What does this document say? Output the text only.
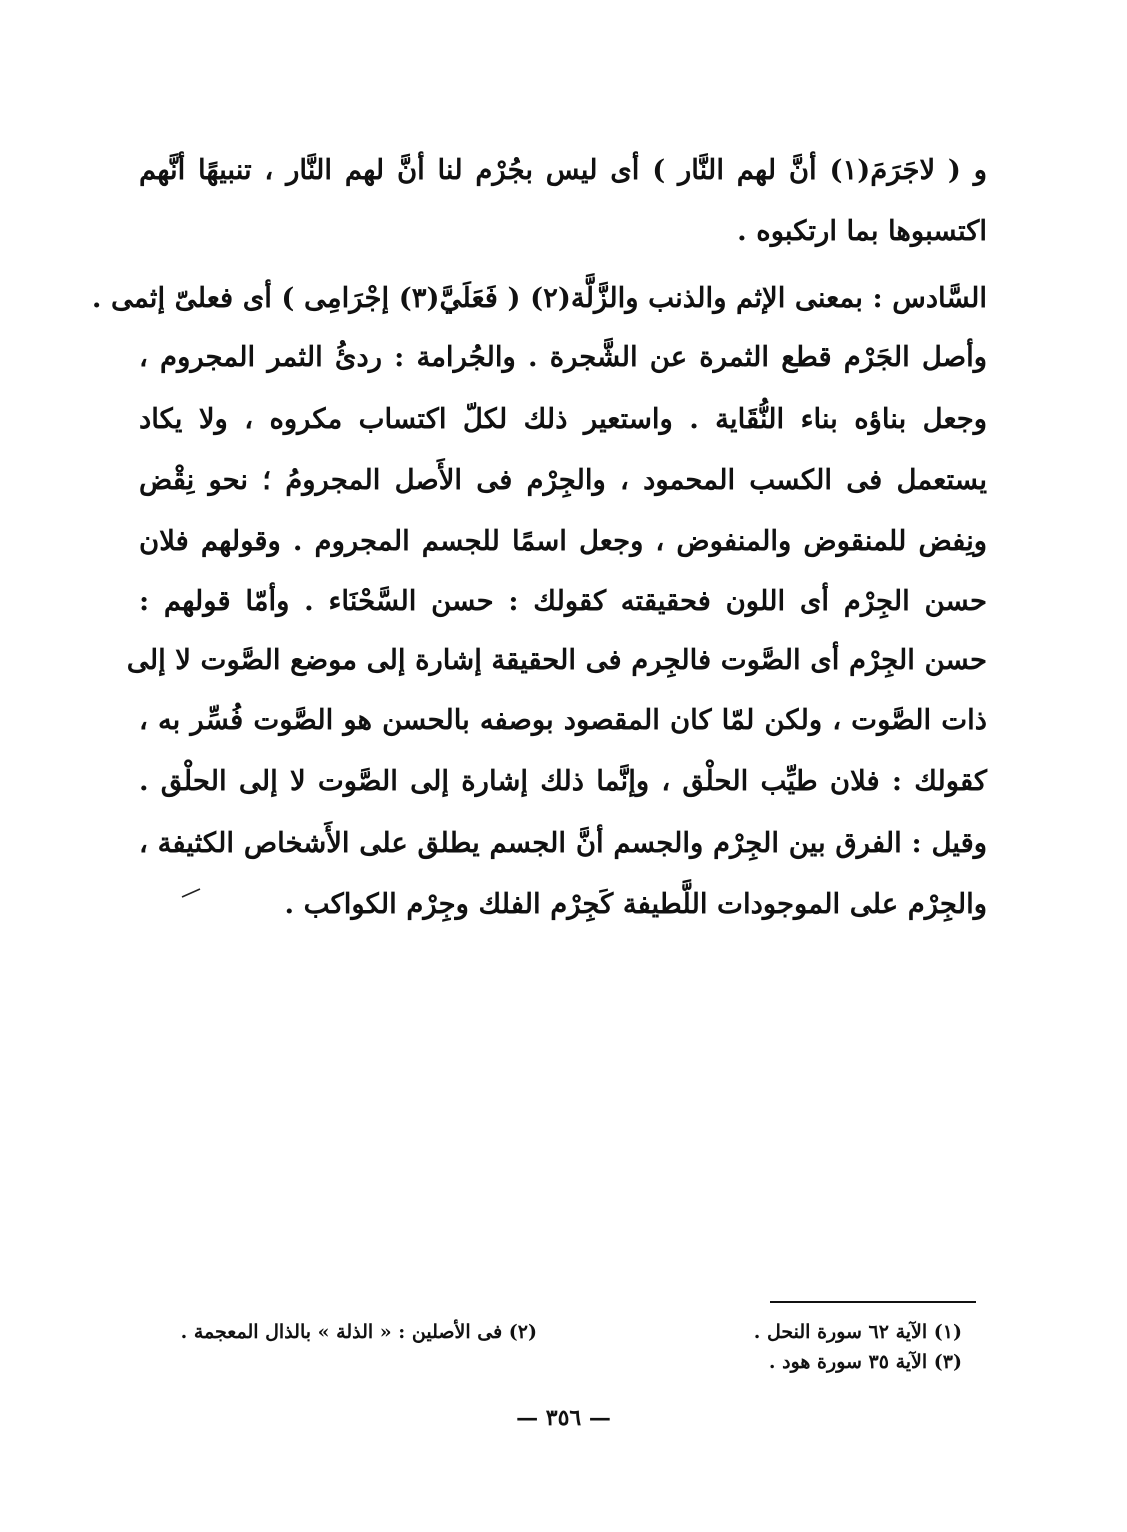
و ( لاجَرَمَ(١) أنَّ لهم النَّار ) أى ليس بجُرْم لنا أنَّ لهم النَّار ، تنبيهًا أنَّهم
اكتسبوها بما ارتكبوه .
السَّادس : بمعنى الإثم والذنب والزَّلَّة(٢) ( فَعَلَيَّ(٣) إجْرَامِى ) أى فعلىّ إثمى .
وأصل الجَرْم قطع الثمرة عن الشَّجرة . والجُرامة : ردئُ الثمر المجروم ،
وجعل بناؤه بناء النُّقَاية . واستعير ذلك لكلّ اكتساب مكروه ، ولا يكاد
يستعمل فى الكسب المحمود ، والجِرْم فى الأَصل المجرومُ ؛ نحو نِقْض
ونِفض للمنقوض والمنفوض ، وجعل اسمًا للجسم المجروم . وقولهم فلان
حسن الجِرْم أى اللون فحقيقته كقولك : حسن السَّحْنَاء . وأمّا قولهم :
حسن الجِرْم أى الصَّوت فالجِرم فى الحقيقة إشارة إلى موضع الصَّوت لا إلى
ذات الصَّوت ، ولكن لمّا كان المقصود بوصفه بالحسن هو الصَّوت فُسِّر به ،
كقولك : فلان طيِّب الحلْق ، وإنَّما ذلك إشارة إلى الصَّوت لا إلى الحلْق .
وقيل : الفرق بين الجِرْم والجسم أنَّ الجسم يطلق على الأَشخاص الكثيفة ،
والجِرْم على الموجودات اللَّطيفة كَجِرْم الفلك وجِرْم الكواكب .
(١) الآية ٦٢ سورة النحل .
(٣) الآية ٣٥ سورة هود .
(٢) فى الأصلين : « الذلة » بالذال المعجمة .
— ٣٥٦ —
